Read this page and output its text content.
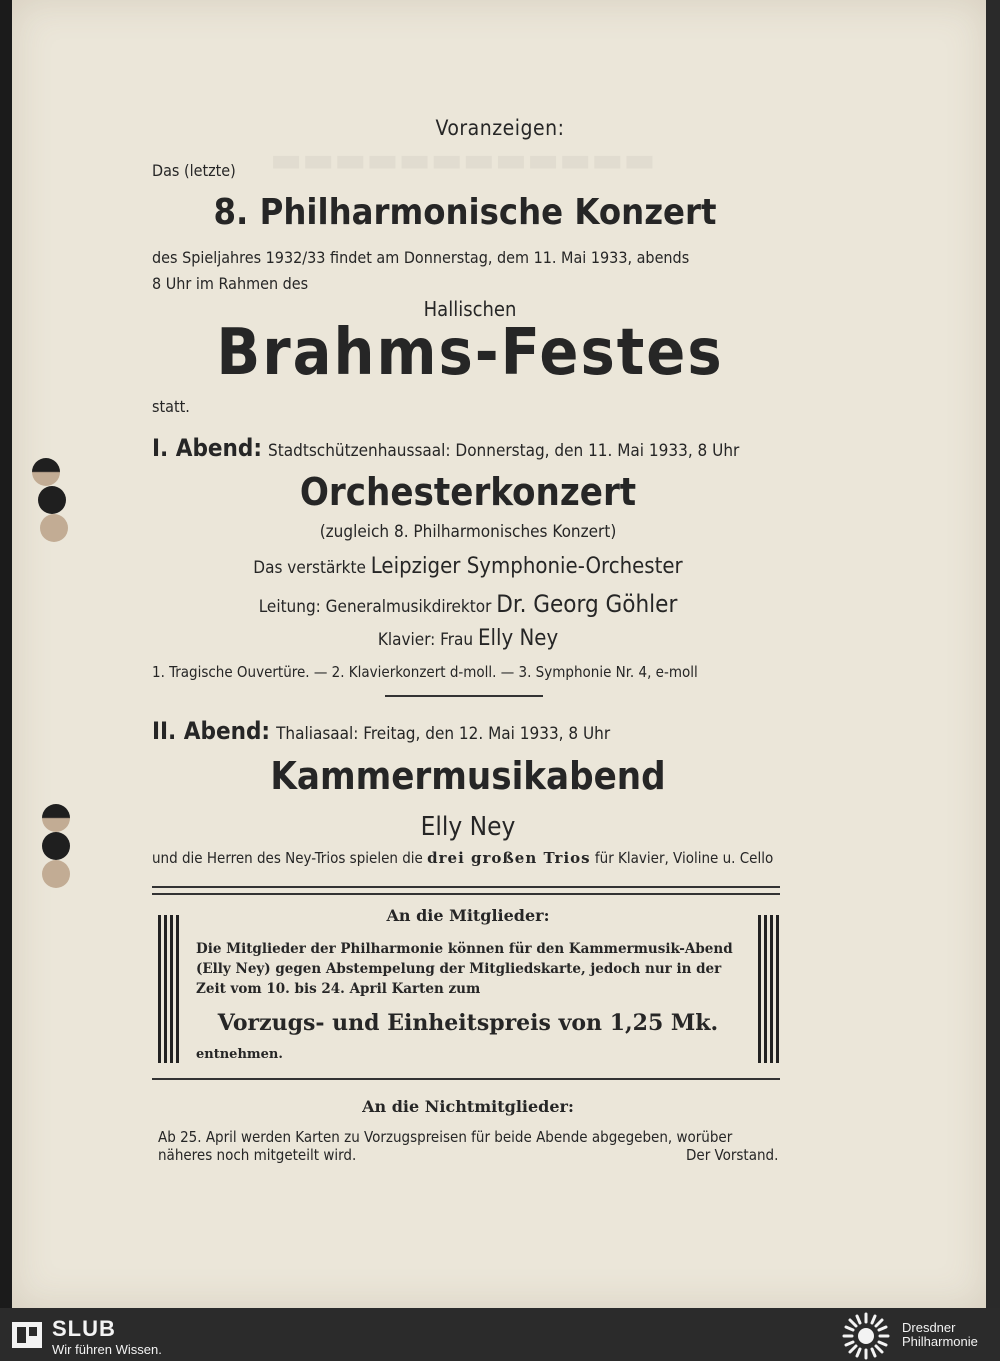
▬▬▬▬▬▬▬▬▬▬▬▬
Voranzeigen:
Das (letzte)
8. Philharmonische Konzert
des Spieljahres 1932/33 findet am Donnerstag, dem 11. Mai 1933, abends
8 Uhr im Rahmen des
Hallischen
Brahms-Festes
statt.
I. Abend: Stadtschützenhaussaal: Donnerstag, den 11. Mai 1933, 8 Uhr
Orchesterkonzert
(zugleich 8. Philharmonisches Konzert)
Das verstärkte Leipziger Symphonie-Orchester
Leitung: Generalmusikdirektor Dr. Georg Göhler
Klavier: Frau Elly Ney
1. Tragische Ouvertüre. — 2. Klavierkonzert d-moll. — 3. Symphonie Nr. 4, e-moll
II. Abend: Thaliasaal: Freitag, den 12. Mai 1933, 8 Uhr
Kammermusikabend
Elly Ney
und die Herren des Ney-Trios spielen die drei großen Trios für Klavier, Violine u. Cello
An die Mitglieder:
Die Mitglieder der Philharmonie können für den Kammermusik-Abend
(Elly Ney) gegen Abstempelung der Mitgliedskarte, jedoch nur in der
Zeit vom 10. bis 24. April Karten zum
Vorzugs- und Einheitspreis von 1,25 Mk.
entnehmen.
An die Nichtmitglieder:
Ab 25. April werden Karten zu Vorzugspreisen für beide Abende abgegeben, worüber
näheres noch mitgeteilt wird.	Der Vorstand.
SLUB
Wir führen Wissen.
Dresdner
Philharmonie
